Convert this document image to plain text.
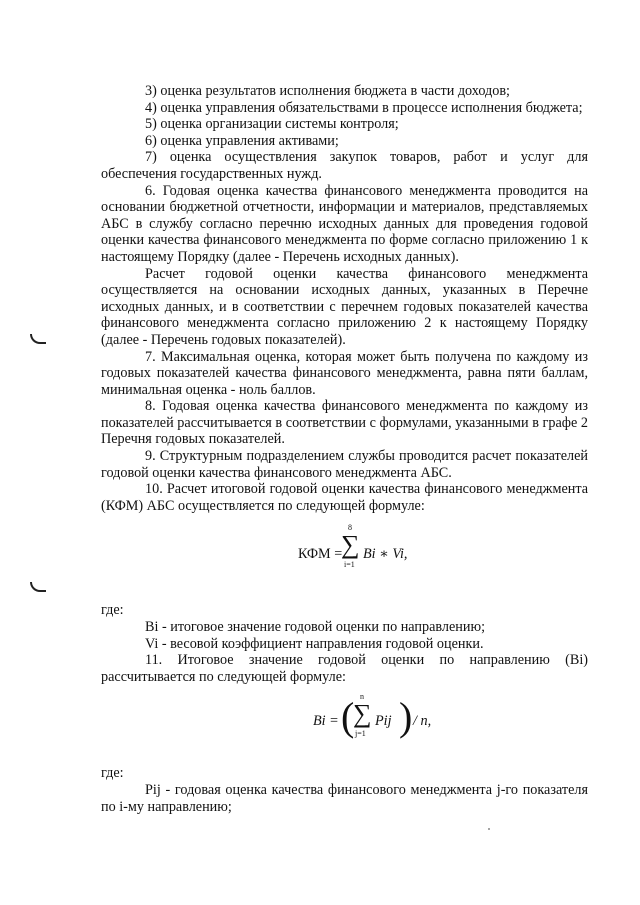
3) оценка результатов исполнения бюджета в части доходов;

4) оценка управления обязательствами в процессе исполнения бюджета;

5) оценка организации системы контроля;

6) оценка управления активами;

7) оценка осуществления закупок товаров, работ и услуг для обеспечения государственных нужд.

6. Годовая оценка качества финансового менеджмента проводится на основании бюджетной отчетности, информации и материалов, представляемых АБС в службу согласно перечню исходных данных для проведения годовой оценки качества финансового менеджмента по форме согласно приложению 1 к настоящему Порядку (далее - Перечень исходных данных).

Расчет годовой оценки качества финансового менеджмента осуществляется на основании исходных данных, указанных в Перечне исходных данных, и в соответствии с перечнем годовых показателей качества финансового менеджмента согласно приложению 2 к настоящему Порядку (далее - Перечень годовых показателей).

7. Максимальная оценка, которая может быть получена по каждому из годовых показателей качества финансового менеджмента, равна пяти баллам, минимальная оценка - ноль баллов.

8. Годовая оценка качества финансового менеджмента по каждому из показателей рассчитывается в соответствии с формулами, указанными в графе 2 Перечня годовых показателей.

9. Структурным подразделением службы проводится расчет показателей годовой оценки качества финансового менеджмента АБС.

10. Расчет итоговой годовой оценки качества финансового менеджмента (КФМ) АБС осуществляется по следующей формуле:

КФМ =
8
∑
i=1
Bi ∗ Vi,

где:

Bi - итоговое значение годовой оценки по направлению;

Vi - весовой коэффициент направления годовой оценки.

11. Итоговое значение годовой оценки по направлению (Bi) рассчитывается по следующей формуле:

Bi = ( n
∑
j=1
Pij ) / n,

где:

Pij - годовая оценка качества финансового менеджмента j-го показателя по i-му направлению;
